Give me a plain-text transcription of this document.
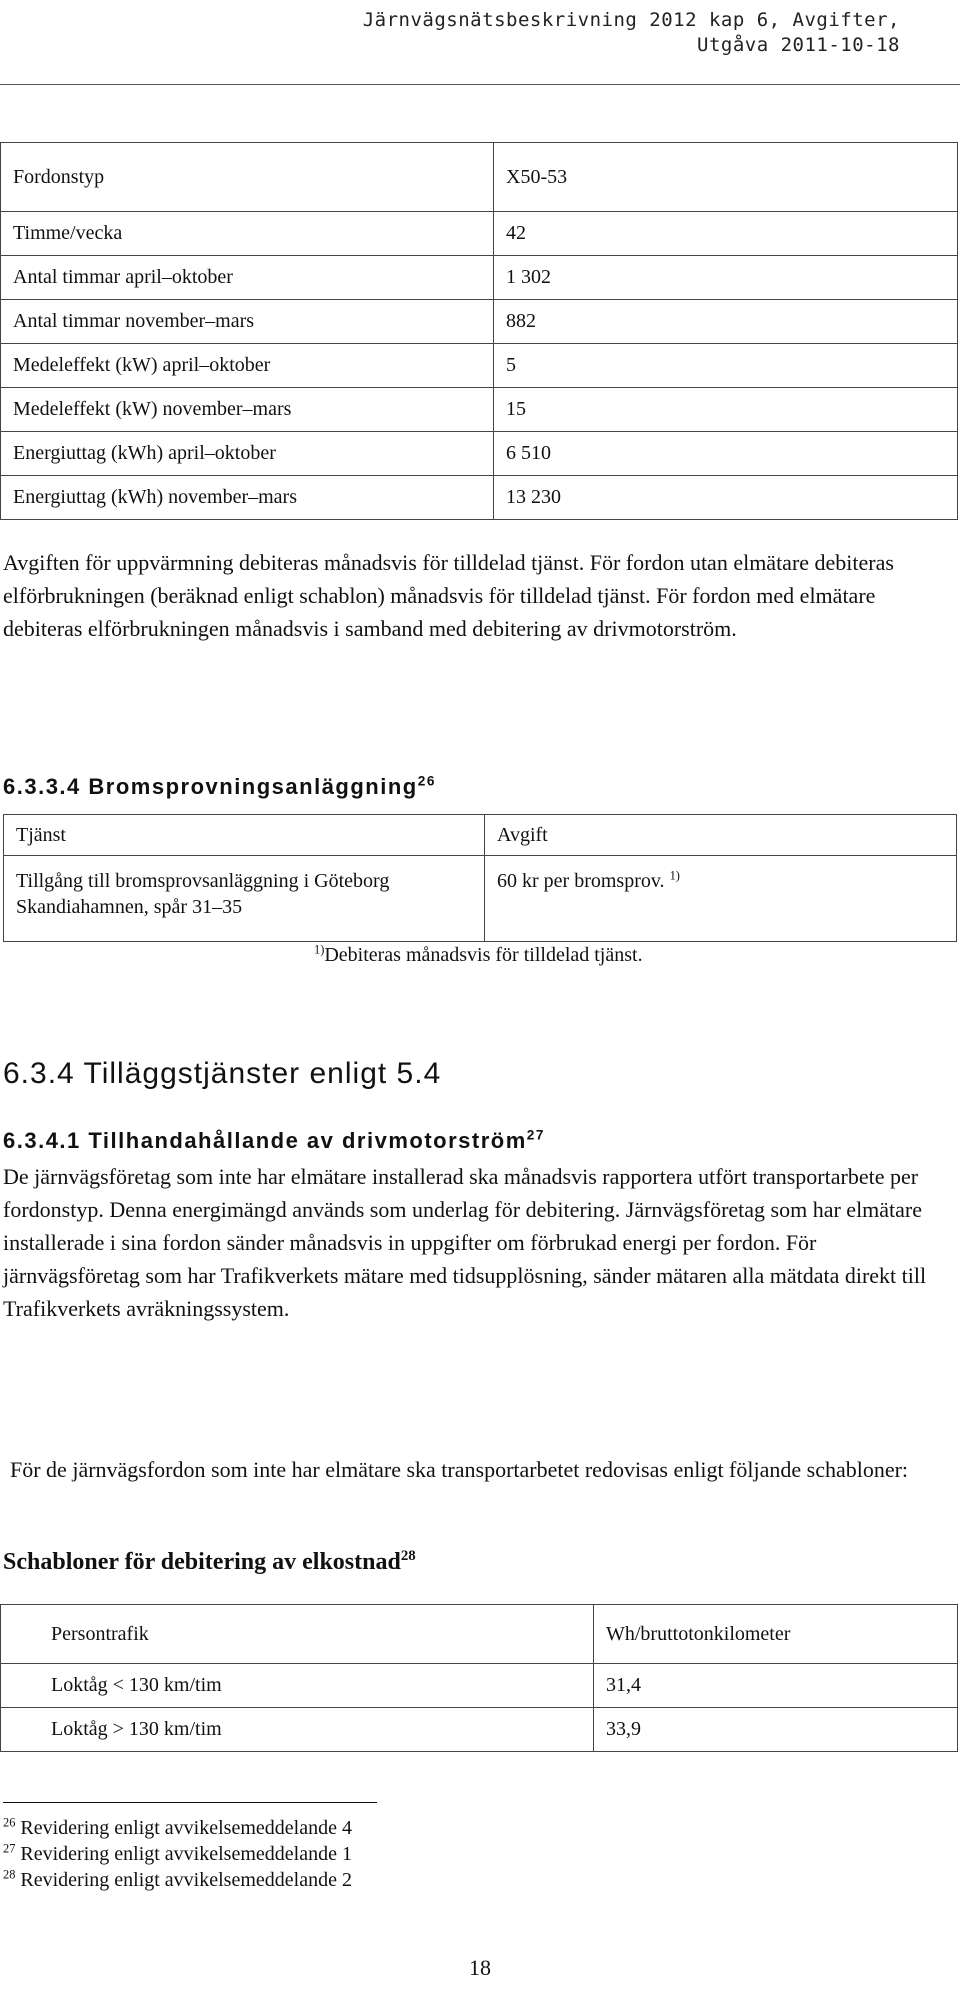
Järnvägsnätsbeskrivning 2012 kap 6, Avgifter,
Utgåva 2011-10-18
Fordonstyp	X50-53
Timme/vecka	42
Antal timmar april–oktober	1 302
Antal timmar november–mars	882
Medeleffekt (kW) april–oktober	5
Medeleffekt (kW) november–mars	15
Energiuttag (kWh) april–oktober	6 510
Energiuttag (kWh) november–mars	13 230
Avgiften för uppvärmning debiteras månadsvis för tilldelad tjänst. För fordon utan elmätare debiteras elförbrukningen (beräknad enligt schablon) månadsvis för tilldelad tjänst. För fordon med elmätare debiteras elförbrukningen månadsvis i samband med debitering av drivmotorström.
6.3.3.4 Bromsprovningsanläggning$^{26}$
Tjänst	Avgift

Tillgång till bromsprovsanläggning i Göteborg
Skandiahamnen, spår 31–35	60 kr per bromsprov. $^{1)}$
$^{1)}$Debiteras månadsvis för tilldelad tjänst.
6.3.4 Tilläggstjänster enligt 5.4
6.3.4.1 Tillhandahållande av drivmotorström$^{27}$
De järnvägsföretag som inte har elmätare installerad ska månadsvis rapportera utfört transportarbete per fordonstyp. Denna energimängd används som underlag för debitering. Järnvägsföretag som har elmätare installerade i sina fordon sänder månadsvis in uppgifter om förbrukad energi per fordon. För järnvägsföretag som har Trafikverkets mätare med tidsupplösning, sänder mätaren alla mätdata direkt till Trafikverkets avräkningssystem.
För de järnvägsfordon som inte har elmätare ska transportarbetet redovisas enligt följande schabloner:
Schabloner för debitering av elkostnad$^{28}$
Persontrafik	Wh/bruttotonkilometer
Loktåg < 130 km/tim	31,4
Loktåg > 130 km/tim	33,9
$^{26}$ Revidering enligt avvikelsemeddelande 4
$^{27}$ Revidering enligt avvikelsemeddelande 1
$^{28}$ Revidering enligt avvikelsemeddelande 2
18
